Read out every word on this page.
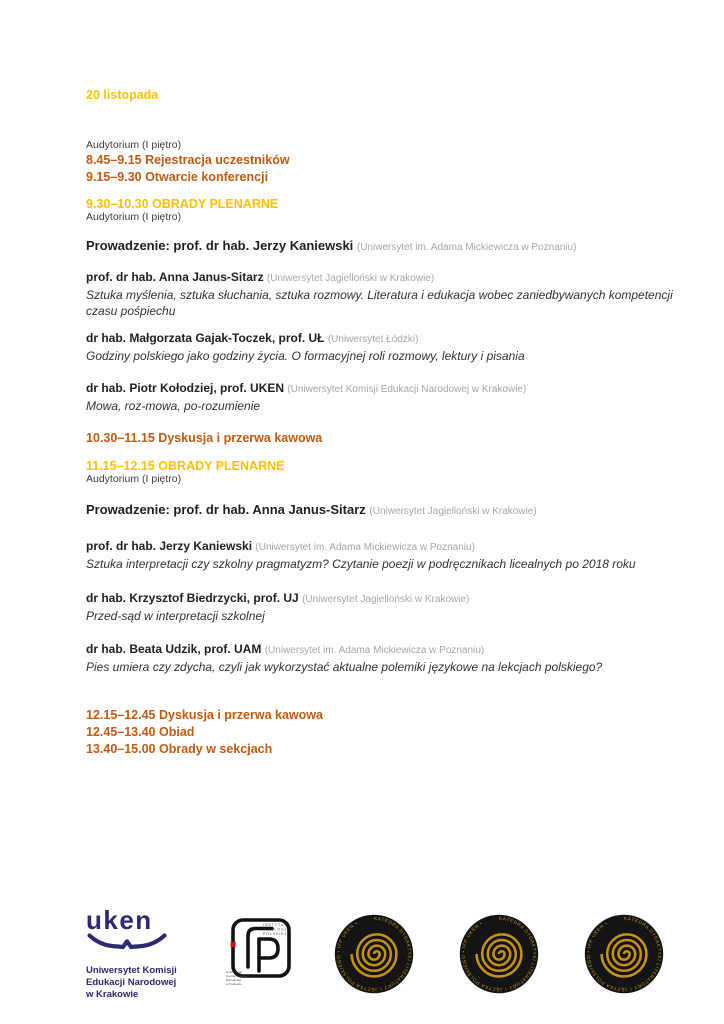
20 listopada
Audytorium (I piętro)
8.45–9.15 Rejestracja uczestników
9.15–9.30 Otwarcie konferencji
9.30–10.30 OBRADY PLENARNE
Audytorium (I piętro)
Prowadzenie: prof. dr hab. Jerzy Kaniewski (Uniwersytet im. Adama Mickiewicza w Poznaniu)
prof. dr hab. Anna Janus-Sitarz (Uniwersytet Jagielloński w Krakowie)
Sztuka myślenia, sztuka słuchania, sztuka rozmowy. Literatura i edukacja wobec zaniedbywanych kompetencji czasu pośpiechu
dr hab. Małgorzata Gajak-Toczek, prof. UŁ (Uniwersytet Łódzki)
Godziny polskiego jako godziny życia. O formacyjnej roli rozmowy, lektury i pisania
dr hab. Piotr Kołodziej, prof. UKEN (Uniwersytet Komisji Edukacji Narodowej w Krakowie)
Mowa, roz-mowa, po-rozumienie
10.30–11.15 Dyskusja i przerwa kawowa
11.15–12.15 OBRADY PLENARNE
Audytorium (I piętro)
Prowadzenie: prof. dr hab. Anna Janus-Sitarz (Uniwersytet Jagielloński w Krakowie)
prof. dr hab. Jerzy Kaniewski (Uniwersytet im. Adama Mickiewicza w Poznaniu)
Sztuka interpretacji czy szkolny pragmatyzm? Czytanie poezji w podręcznikach licealnych po 2018 roku
dr hab. Krzysztof Biedrzycki, prof. UJ (Uniwersytet Jagielloński w Krakowie)
Przed-sąd w interpretacji szkolnej
dr hab. Beata Udzik, prof. UAM (Uniwersytet im. Adama Mickiewicza w Poznaniu)
Pies umiera czy zdycha, czyli jak wykorzystać aktualne polemiki językowe na lekcjach polskiego?
12.15–12.45 Dyskusja i przerwa kawowa
12.45–13.40 Obiad
13.40–15.00 Obrady w sekcjach
uken
Uniwersytet Komisji
Edukacji Narodowej
w Krakowie
INSTYTUT
FILOLOGII
POLSKIEJ
Uniwersytet
Komisji Edukacji
Narodowej
w Krakowie
KATEDRA DYDAKTYKI LITERATURY I JĘZYKA POLSKIEGO • IFP UKEN •
KATEDRA DYDAKTYKI LITERATURY I JĘZYKA POLSKIEGO • IFP UKEN •
KATEDRA DYDAKTYKI LITERATURY I JĘZYKA POLSKIEGO • IFP UKEN •
